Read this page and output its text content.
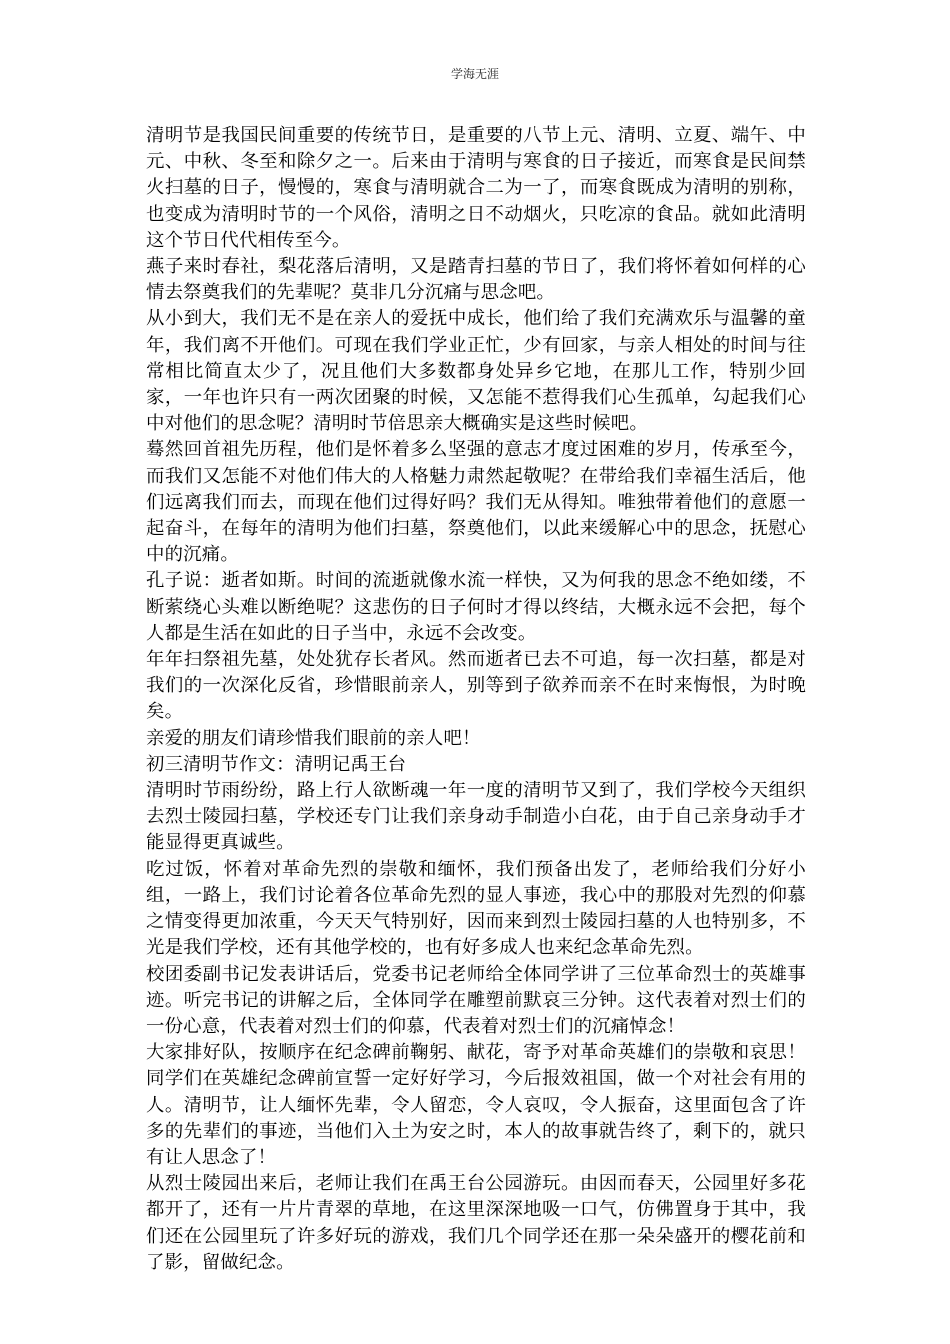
学海无涯

清明节是我国民间重要的传统节日，是重要的八节上元、清明、立夏、端午、中元、中秋、冬至和除夕之一。后来由于清明与寒食的日子接近，而寒食是民间禁火扫墓的日子，慢慢的，寒食与清明就合二为一了，而寒食既成为清明的别称，也变成为清明时节的一个风俗，清明之日不动烟火，只吃凉的食品。就如此清明这个节日代代相传至今。

燕子来时春社，梨花落后清明，又是踏青扫墓的节日了，我们将怀着如何样的心情去祭奠我们的先辈呢？莫非几分沉痛与思念吧。

从小到大，我们无不是在亲人的爱抚中成长，他们给了我们充满欢乐与温馨的童年，我们离不开他们。可现在我们学业正忙，少有回家，与亲人相处的时间与往常相比简直太少了，况且他们大多数都身处异乡它地，在那儿工作，特别少回家，一年也许只有一两次团聚的时候，又怎能不惹得我们心生孤单，勾起我们心中对他们的思念呢？清明时节倍思亲大概确实是这些时候吧。

蓦然回首祖先历程，他们是怀着多么坚强的意志才度过困难的岁月，传承至今，而我们又怎能不对他们伟大的人格魅力肃然起敬呢？在带给我们幸福生活后，他们远离我们而去，而现在他们过得好吗？我们无从得知。唯独带着他们的意愿一起奋斗，在每年的清明为他们扫墓，祭奠他们，以此来缓解心中的思念，抚慰心中的沉痛。

孔子说：逝者如斯。时间的流逝就像水流一样快，又为何我的思念不绝如缕，不断萦绕心头难以断绝呢？这悲伤的日子何时才得以终结，大概永远不会把，每个人都是生活在如此的日子当中，永远不会改变。

年年扫祭祖先墓，处处犹存长者风。然而逝者已去不可追，每一次扫墓，都是对我们的一次深化反省，珍惜眼前亲人，别等到子欲养而亲不在时来悔恨，为时晚矣。

亲爱的朋友们请珍惜我们眼前的亲人吧！

初三清明节作文：清明记禹王台

清明时节雨纷纷，路上行人欲断魂一年一度的清明节又到了，我们学校今天组织去烈士陵园扫墓，学校还专门让我们亲身动手制造小白花，由于自己亲身动手才能显得更真诚些。

吃过饭，怀着对革命先烈的崇敬和缅怀，我们预备出发了，老师给我们分好小组，一路上，我们讨论着各位革命先烈的显人事迹，我心中的那股对先烈的仰慕之情变得更加浓重，今天天气特别好，因而来到烈士陵园扫墓的人也特别多，不光是我们学校，还有其他学校的，也有好多成人也来纪念革命先烈。

校团委副书记发表讲话后，党委书记老师给全体同学讲了三位革命烈士的英雄事迹。听完书记的讲解之后，全体同学在雕塑前默哀三分钟。这代表着对烈士们的一份心意，代表着对烈士们的仰慕，代表着对烈士们的沉痛悼念！

大家排好队，按顺序在纪念碑前鞠躬、献花，寄予对革命英雄们的崇敬和哀思！同学们在英雄纪念碑前宣誓一定好好学习，今后报效祖国，做一个对社会有用的人。清明节，让人缅怀先辈，令人留恋，令人哀叹，令人振奋，这里面包含了许多的先辈们的事迹，当他们入土为安之时，本人的故事就告终了，剩下的，就只有让人思念了！

从烈士陵园出来后，老师让我们在禹王台公园游玩。由因而春天，公园里好多花都开了，还有一片片青翠的草地，在这里深深地吸一口气，仿佛置身于其中，我们还在公园里玩了许多好玩的游戏，我们几个同学还在那一朵朵盛开的樱花前和了影，留做纪念。
